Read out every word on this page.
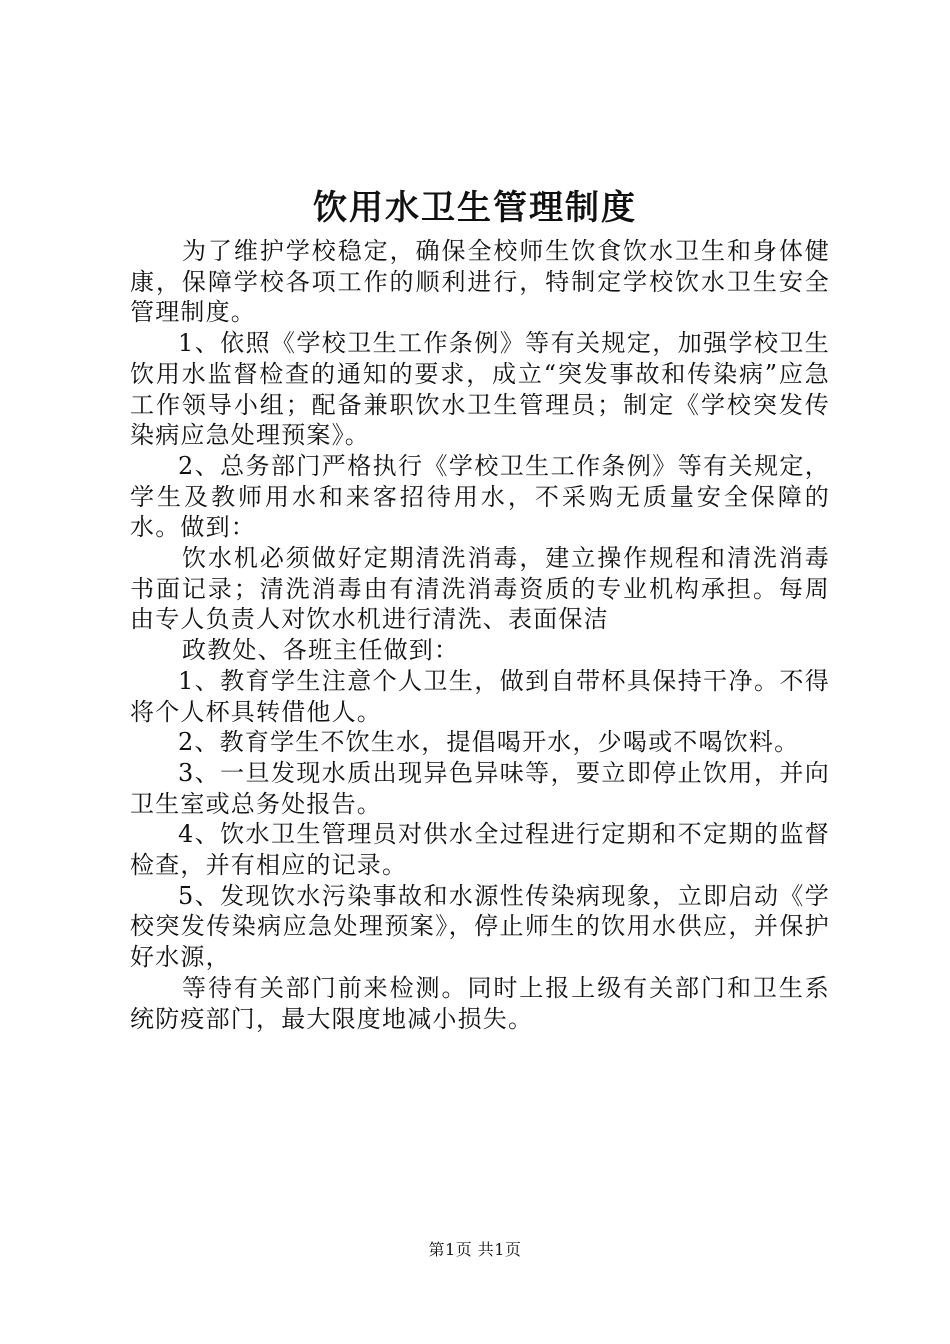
饮用水卫生管理制度

为了维护学校稳定，确保全校师生饮食饮水卫生和身体健康，保障学校各项工作的顺利进行，特制定学校饮水卫生安全管理制度。

1、依照《学校卫生工作条例》等有关规定，加强学校卫生饮用水监督检查的通知的要求，成立“突发事故和传染病”应急工作领导小组；配备兼职饮水卫生管理员；制定《学校突发传染病应急处理预案》。

2、总务部门严格执行《学校卫生工作条例》等有关规定，学生及教师用水和来客招待用水，不采购无质量安全保障的水。做到：

饮水机必须做好定期清洗消毒，建立操作规程和清洗消毒书面记录；清洗消毒由有清洗消毒资质的专业机构承担。每周由专人负责人对饮水机进行清洗、表面保洁

政教处、各班主任做到：

1、教育学生注意个人卫生，做到自带杯具保持干净。不得将个人杯具转借他人。

2、教育学生不饮生水，提倡喝开水，少喝或不喝饮料。

3、一旦发现水质出现异色异味等，要立即停止饮用，并向卫生室或总务处报告。

4、饮水卫生管理员对供水全过程进行定期和不定期的监督检查，并有相应的记录。

5、发现饮水污染事故和水源性传染病现象，立即启动《学校突发传染病应急处理预案》，停止师生的饮用水供应，并保护好水源，

等待有关部门前来检测。同时上报上级有关部门和卫生系统防疫部门，最大限度地减小损失。

第1页 共1页
